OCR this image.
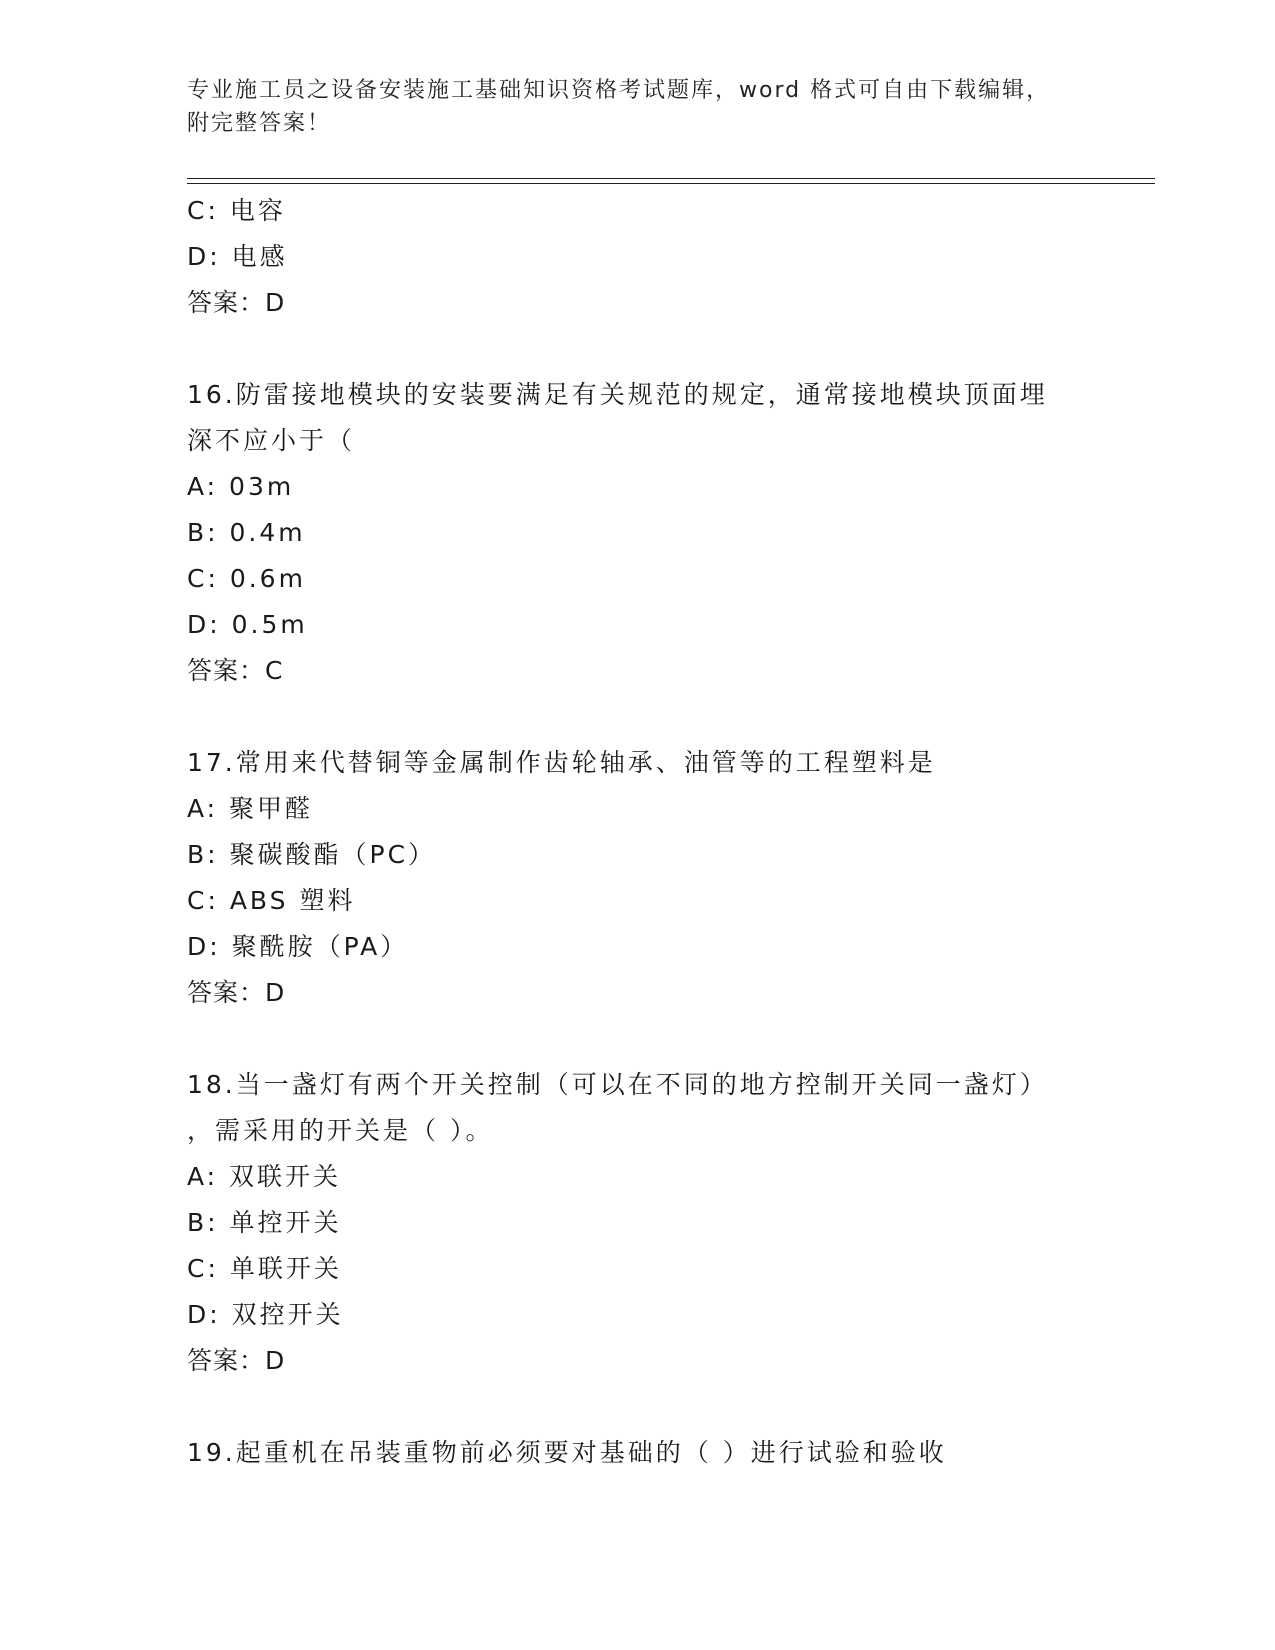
专业施工员之设备安装施工基础知识资格考试题库，word 格式可自由下载编辑，
附完整答案！
C: 电容
D: 电感
答案：D
16.防雷接地模块的安装要满足有关规范的规定，通常接地模块顶面埋
深不应小于（
A: 03m
B: 0.4m
C: 0.6m
D: 0.5m
答案：C
17.常用来代替铜等金属制作齿轮轴承、油管等的工程塑料是
A: 聚甲醛
B: 聚碳酸酯（PC）
C: ABS 塑料
D: 聚酰胺（PA）
答案：D
18.当一盏灯有两个开关控制（可以在不同的地方控制开关同一盏灯）
，需采用的开关是（ ）。
A: 双联开关
B: 单控开关
C: 单联开关
D: 双控开关
答案：D
19.起重机在吊装重物前必须要对基础的（ ）进行试验和验收
